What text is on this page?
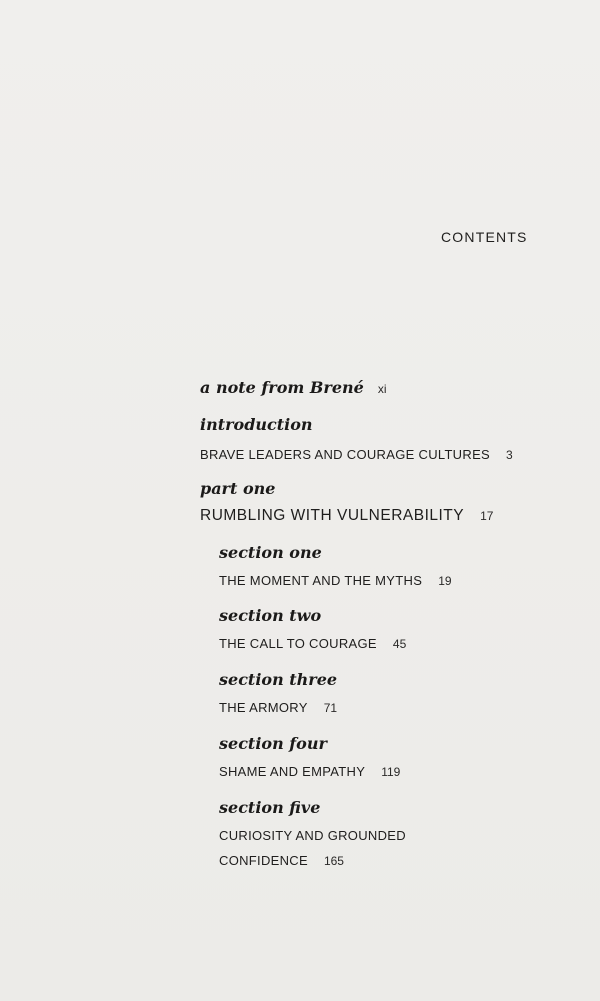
CONTENTS
a note from Brené xi
introduction
BRAVE LEADERS AND COURAGE CULTURES 3
part one
RUMBLING WITH VULNERABILITY 17
section one
THE MOMENT AND THE MYTHS 19
section two
THE CALL TO COURAGE 45
section three
THE ARMORY 71
section four
SHAME AND EMPATHY 119
section five
CURIOSITY AND GROUNDED
CONFIDENCE 165
